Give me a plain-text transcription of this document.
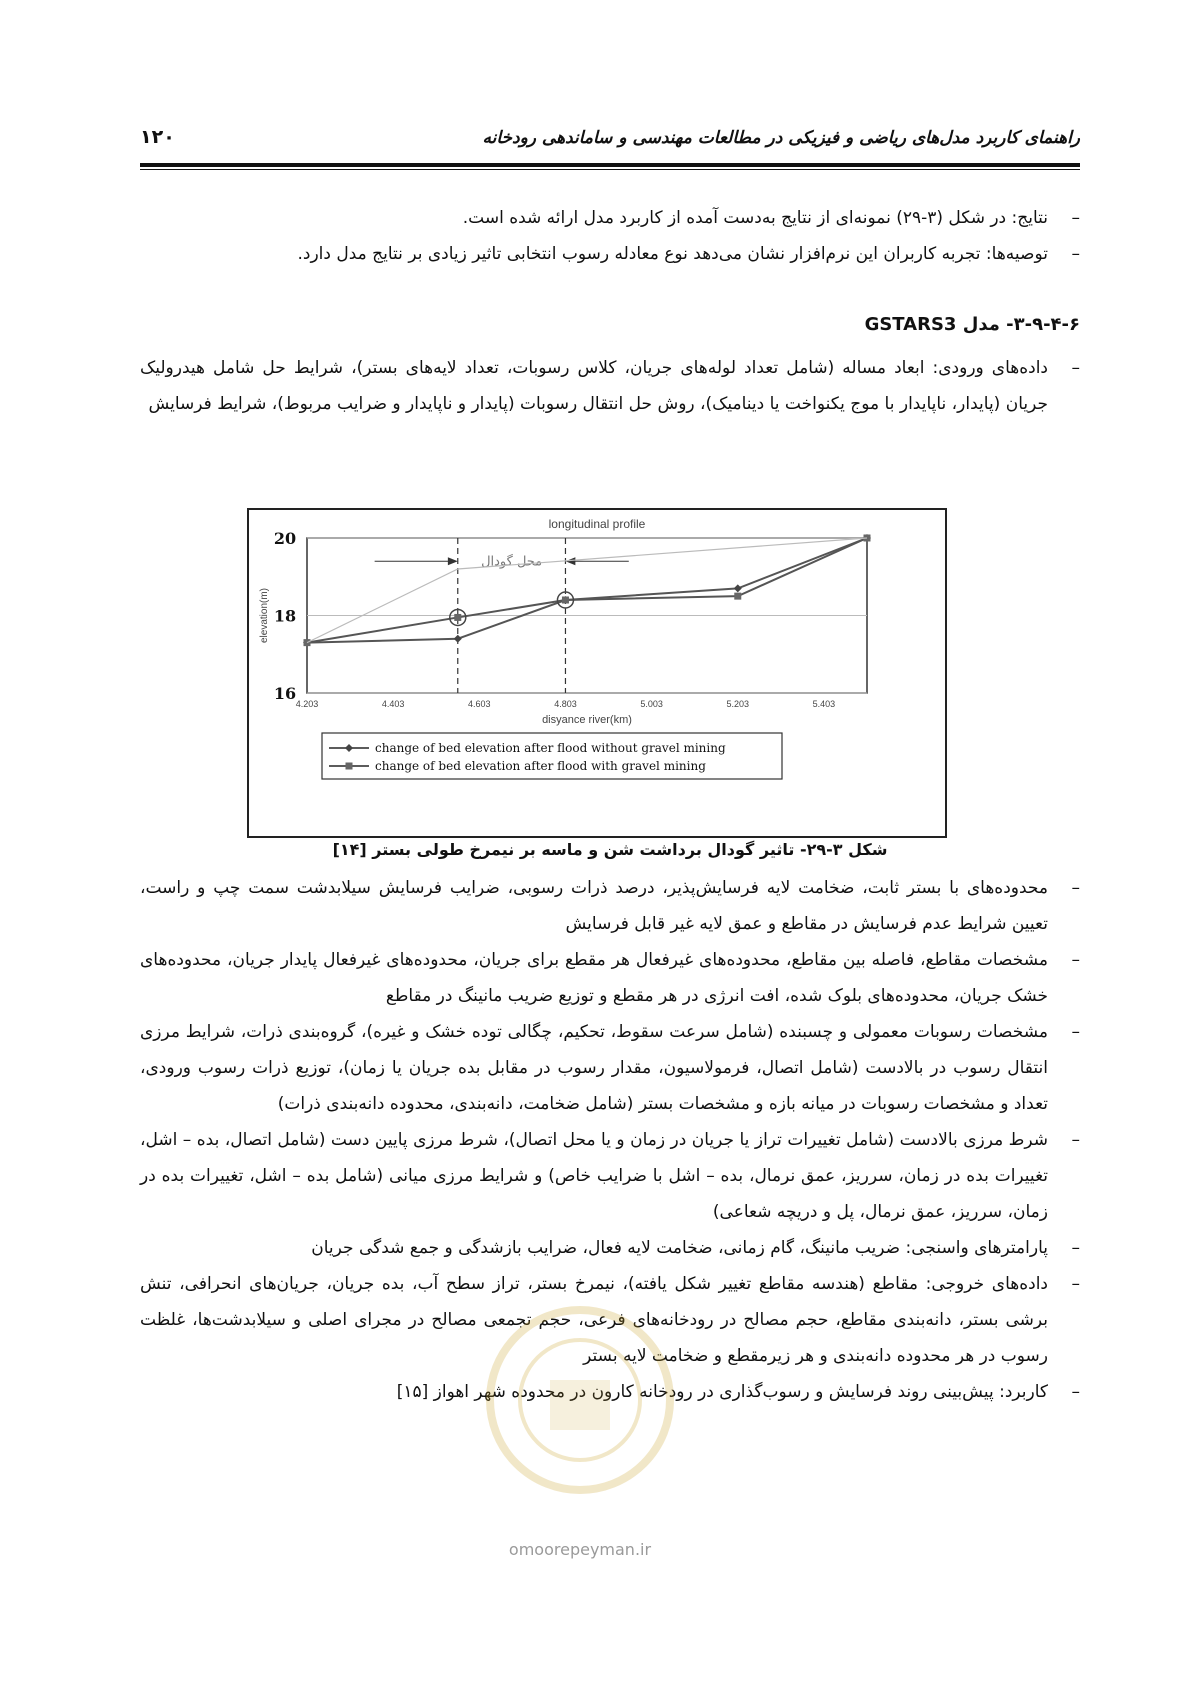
راهنمای کاربرد مدل‌های ریاضی و فیزیکی در مطالعات مهندسی و ساماندهی رودخانه
۱۲۰
–
نتایج: در شکل (۳-۲۹) نمونه‌ای از نتایج به‌دست آمده از کاربرد مدل ارائه شده است.
–
توصیه‌ها: تجربه کاربران این نرم‌افزار نشان می‌دهد نوع معادله رسوب انتخابی تاثیر زیادی بر نتایج مدل دارد.
۳-۹-۴-۶- مدل GSTARS3
–
داده‌های ورودی: ابعاد مساله (شامل تعداد لوله‌های جریان، کلاس رسوبات، تعداد لایه‌های بستر)، شرایط حل شامل هیدرولیک جریان (پایدار، ناپایدار با موج یکنواخت یا دینامیک)، روش حل انتقال رسوبات (پایدار و ناپایدار و ضرایب مربوط)، شرایط فرسایش
longitudinal profile
16
18
20
4.203	4.403	4.603	4.803	5.003	5.203	5.403
disyance river(km)
elevation(m)
محل گودال
change of bed elevation after flood without gravel mining
change of bed elevation after flood with gravel mining
شکل ۳-۲۹- تاثیر گودال برداشت شن و ماسه بر نیمرخ طولی بستر [۱۴]
–
محدوده‌های با بستر ثابت، ضخامت لایه فرسایش‌پذیر، درصد ذرات رسوبی، ضرایب فرسایش سیلابدشت سمت چپ و راست، تعیین شرایط عدم فرسایش در مقاطع و عمق لایه غیر قابل فرسایش
–
مشخصات مقاطع، فاصله بین مقاطع، محدوده‌های غیرفعال هر مقطع برای جریان، محدوده‌های غیرفعال پایدار جریان، محدوده‌های خشک جریان، محدوده‌های بلوک شده، افت انرژی در هر مقطع و توزیع ضریب مانینگ در مقاطع
–
مشخصات رسوبات معمولی و چسبنده (شامل سرعت سقوط، تحکیم، چگالی توده خشک و غیره)، گروه‌بندی ذرات، شرایط مرزی انتقال رسوب در بالادست (شامل اتصال، فرمولاسیون، مقدار رسوب در مقابل بده جریان یا زمان)، توزیع ذرات رسوب ورودی، تعداد و مشخصات رسوبات در میانه بازه و مشخصات بستر (شامل ضخامت، دانه‌بندی، محدوده دانه‌بندی ذرات)
–
شرط مرزی بالادست (شامل تغییرات تراز یا جریان در زمان و یا محل اتصال)، شرط مرزی پایین دست (شامل اتصال، بده – اشل، تغییرات بده در زمان، سرریز، عمق نرمال، بده – اشل با ضرایب خاص) و شرایط مرزی میانی (شامل بده – اشل، تغییرات بده در زمان، سرریز، عمق نرمال، پل و دریچه شعاعی)
–
پارامترهای واسنجی: ضریب مانینگ، گام زمانی، ضخامت لایه فعال، ضرایب بازشدگی و جمع شدگی جریان
–
داده‌های خروجی: مقاطع (هندسه مقاطع تغییر شکل یافته)، نیمرخ بستر، تراز سطح آب، بده جریان، جریان‌های انحرافی، تنش برشی بستر، دانه‌بندی مقاطع، حجم مصالح در رودخانه‌های فرعی، حجم تجمعی مصالح در مجرای اصلی و سیلابدشت‌ها، غلظت رسوب در هر محدوده دانه‌بندی و هر زیرمقطع و ضخامت لایه بستر
–
کاربرد: پیش‌بینی روند فرسایش و رسوب‌گذاری در رودخانه کارون در محدوده شهر اهواز [۱۵]
omoorepeyman.ir
